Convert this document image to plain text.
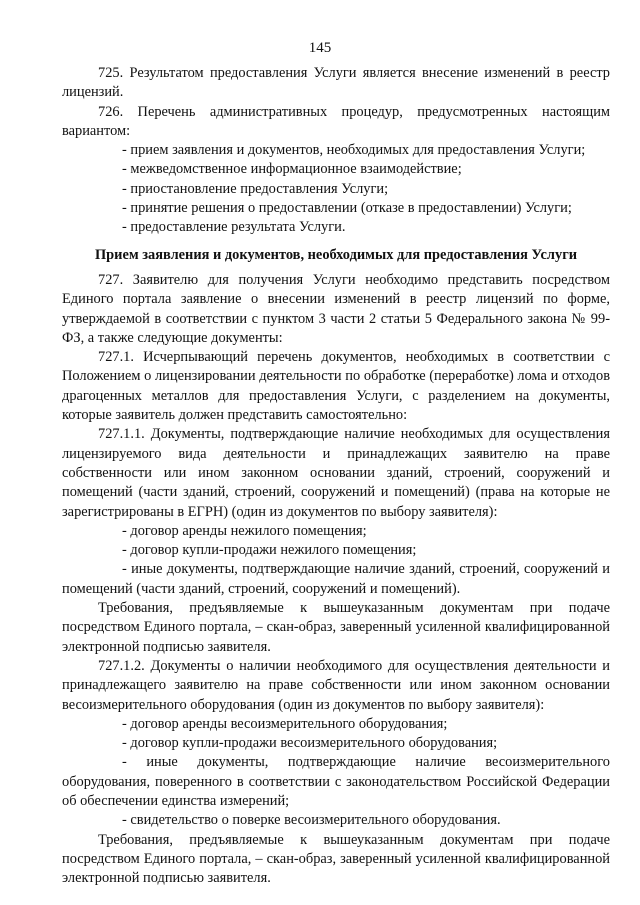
145

725. Результатом предоставления Услуги является внесение изменений в реестр лицензий.

726. Перечень административных процедур, предусмотренных настоящим вариантом:

- прием заявления и документов, необходимых для предоставления Услуги;

- межведомственное информационное взаимодействие;

- приостановление предоставления Услуги;

- принятие решения о предоставлении (отказе в предоставлении) Услуги;

- предоставление результата Услуги.

Прием заявления и документов, необходимых для предоставления Услуги

727. Заявителю для получения Услуги необходимо представить посредством Единого портала заявление о внесении изменений в реестр лицензий по форме, утверждаемой в соответствии с пунктом 3 части 2 статьи 5 Федерального закона № 99-ФЗ, а также следующие документы:

727.1. Исчерпывающий перечень документов, необходимых в соответствии с Положением о лицензировании деятельности по обработке (переработке) лома и отходов драгоценных металлов для предоставления Услуги, с разделением на документы, которые заявитель должен представить самостоятельно:

727.1.1. Документы, подтверждающие наличие необходимых для осуществления лицензируемого вида деятельности и принадлежащих заявителю на праве собственности или ином законном основании зданий, строений, сооружений и помещений (части зданий, строений, сооружений и помещений) (права на которые не зарегистрированы в ЕГРН) (один из документов по выбору заявителя):

- договор аренды нежилого помещения;

- договор купли-продажи нежилого помещения;

- иные документы, подтверждающие наличие зданий, строений, сооружений и помещений (части зданий, строений, сооружений и помещений).

Требования, предъявляемые к вышеуказанным документам при подаче посредством Единого портала, – скан-образ, заверенный усиленной квалифицированной электронной подписью заявителя.

727.1.2. Документы о наличии необходимого для осуществления деятельности и принадлежащего заявителю на праве собственности или ином законном основании весоизмерительного оборудования (один из документов по выбору заявителя):

- договор аренды весоизмерительного оборудования;

- договор купли-продажи весоизмерительного оборудования;

- иные документы, подтверждающие наличие весоизмерительного оборудования, поверенного в соответствии с законодательством Российской Федерации об обеспечении единства измерений;

- свидетельство о поверке весоизмерительного оборудования.

Требования, предъявляемые к вышеуказанным документам при подаче посредством Единого портала, – скан-образ, заверенный усиленной квалифицированной электронной подписью заявителя.
